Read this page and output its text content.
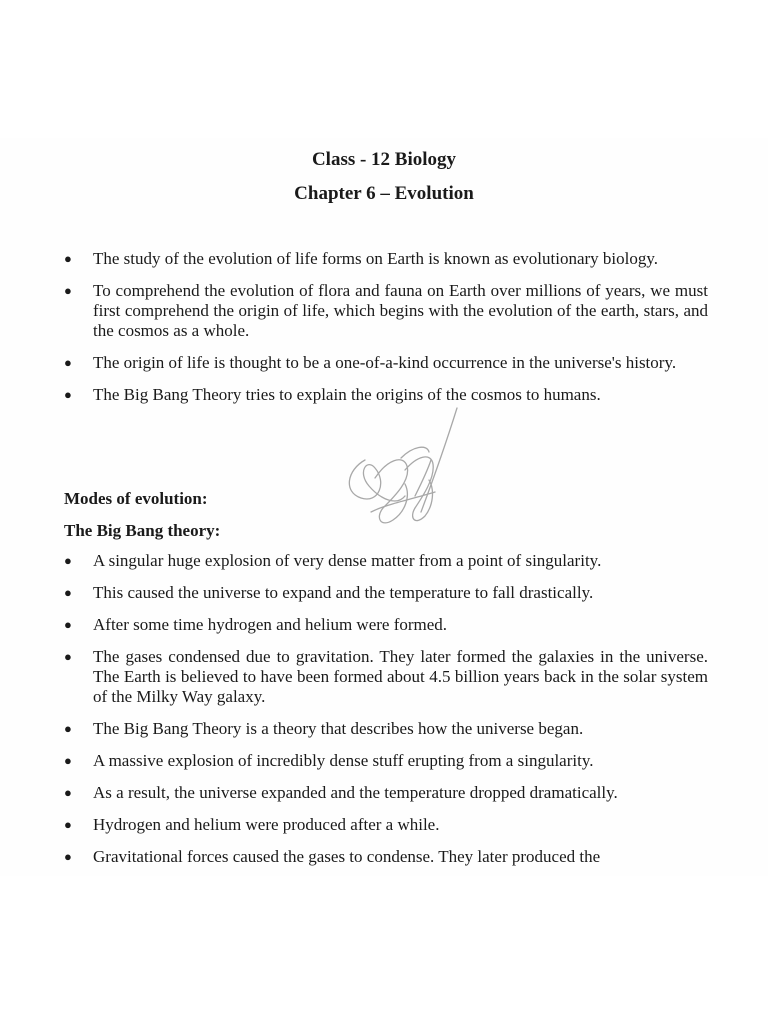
Class - 12 Biology
Chapter 6 – Evolution
● The study of the evolution of life forms on Earth is known as evolutionary biology.
● To comprehend the evolution of flora and fauna on Earth over millions of years, we must first comprehend the origin of life, which begins with the evolution of the earth, stars, and the cosmos as a whole.
● The origin of life is thought to be a one-of-a-kind occurrence in the universe's history.
● The Big Bang Theory tries to explain the origins of the cosmos to humans.
Modes of evolution:
The Big Bang theory:
● A singular huge explosion of very dense matter from a point of singularity.
● This caused the universe to expand and the temperature to fall drastically.
● After some time hydrogen and helium were formed.
● The gases condensed due to gravitation. They later formed the galaxies in the universe. The Earth is believed to have been formed about 4.5 billion years back in the solar system of the Milky Way galaxy.
● The Big Bang Theory is a theory that describes how the universe began.
● A massive explosion of incredibly dense stuff erupting from a singularity.
● As a result, the universe expanded and the temperature dropped dramatically.
● Hydrogen and helium were produced after a while.
● Gravitational forces caused the gases to condense. They later produced the
